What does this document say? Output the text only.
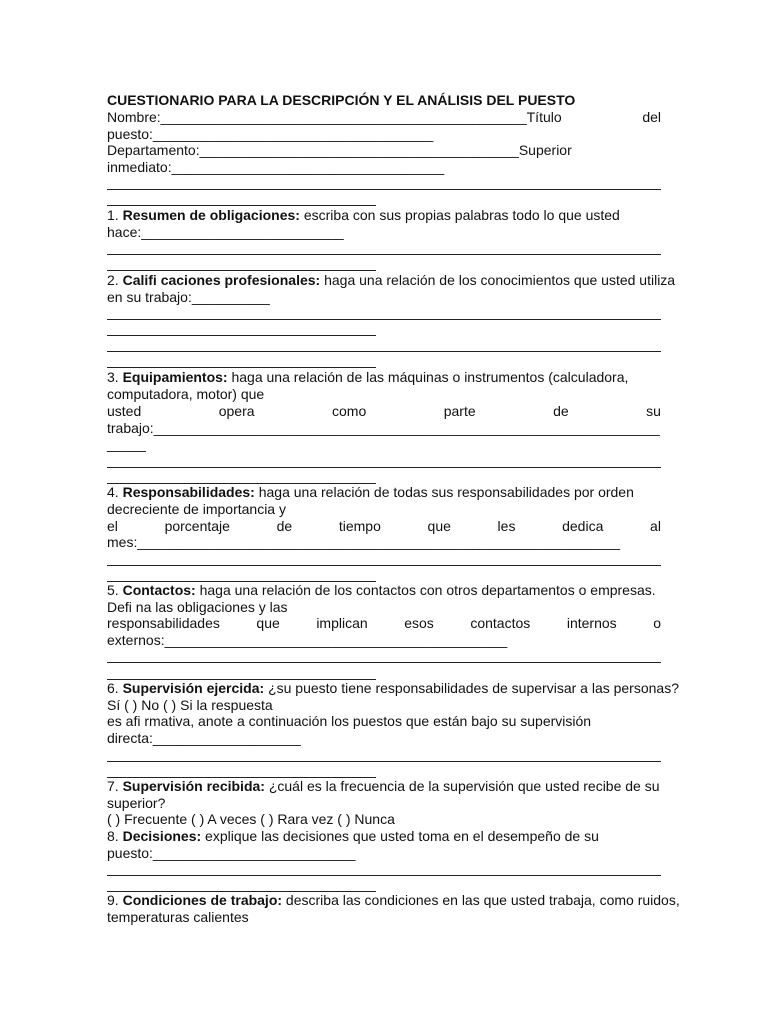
CUESTIONARIO PARA LA DESCRIPCIÓN Y EL ANÁLISIS DEL PUESTO
Nombre:_______________________________________________Título	del
puesto:____________________________________
Departamento:_________________________________________Superior
inmediato:___________________________________
1. Resumen de obligaciones: escriba con sus propias palabras todo lo que usted
hace:__________________________
2. Califi caciones profesionales: haga una relación de los conocimientos que usted utiliza
en su trabajo:__________
3. Equipamientos: haga una relación de las máquinas o instrumentos (calculadora,
computadora, motor) que
usted	opera	como	parte	de	su
trabajo:_________________________________________________________________
_____
4. Responsabilidades: haga una relación de todas sus responsabilidades por orden
decreciente de importancia y
el	porcentaje	de	tiempo	que	les	dedica	al
mes:______________________________________________________________
5. Contactos: haga una relación de los contactos con otros departamentos o empresas.
Defi na las obligaciones y las
responsabilidades	que	implican	esos	contactos	internos	o
externos:____________________________________________
6. Supervisión ejercida: ¿su puesto tiene responsabilidades de supervisar a las personas?
Sí ( ) No ( ) Si la respuesta
es afi rmativa, anote a continuación los puestos que están bajo su supervisión
directa:___________________
7. Supervisión recibida: ¿cuál es la frecuencia de la supervisión que usted recibe de su
superior?
( ) Frecuente ( ) A veces ( ) Rara vez ( ) Nunca
8. Decisiones: explique las decisiones que usted toma en el desempeño de su
puesto:__________________________
9. Condiciones de trabajo: describa las condiciones en las que usted trabaja, como ruidos,
temperaturas calientes
